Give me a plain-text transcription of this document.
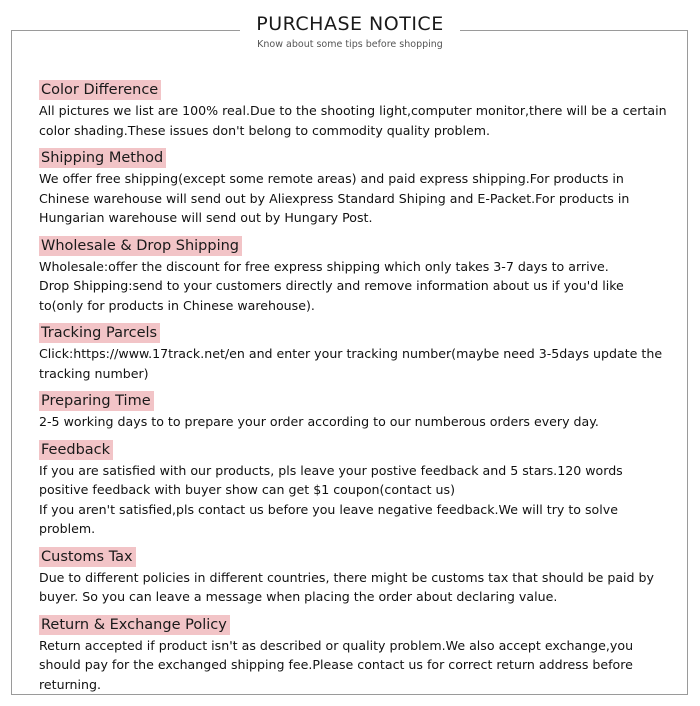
PURCHASE NOTICE
Know about some tips before shopping
Color Difference
All pictures we list are 100% real.Due to the shooting light,computer monitor,there will be a certain color shading.These issues don't belong to commodity quality problem.
Shipping Method
We offer free shipping(except some remote areas) and paid express shipping.For products in Chinese warehouse will send out by Aliexpress Standard Shiping and E-Packet.For products in Hungarian warehouse will send out by Hungary Post.
Wholesale & Drop Shipping
Wholesale:offer the discount for free express shipping which only takes 3-7 days to arrive.
Drop Shipping:send to your customers directly and remove information about us if you'd like to(only for products in Chinese warehouse).
Tracking Parcels
Click:https://www.17track.net/en and enter your tracking number(maybe need 3-5days update the tracking number)
Preparing Time
2-5 working days to to prepare your order according to our numberous orders every day.
Feedback
If you are satisfied with our products, pls leave your postive feedback and 5 stars.120 words positive feedback with buyer show can get $1 coupon(contact us)
If you aren't satisfied,pls contact us before you leave negative feedback.We will try to solve problem.
Customs Tax
Due to different policies in different countries, there might be customs tax that should be paid by buyer. So you can leave a message when placing the order about declaring value.
Return & Exchange Policy
Return accepted if product isn't as described or quality problem.We also accept exchange,you should pay for the exchanged shipping fee.Please contact us for correct return address before returning.
